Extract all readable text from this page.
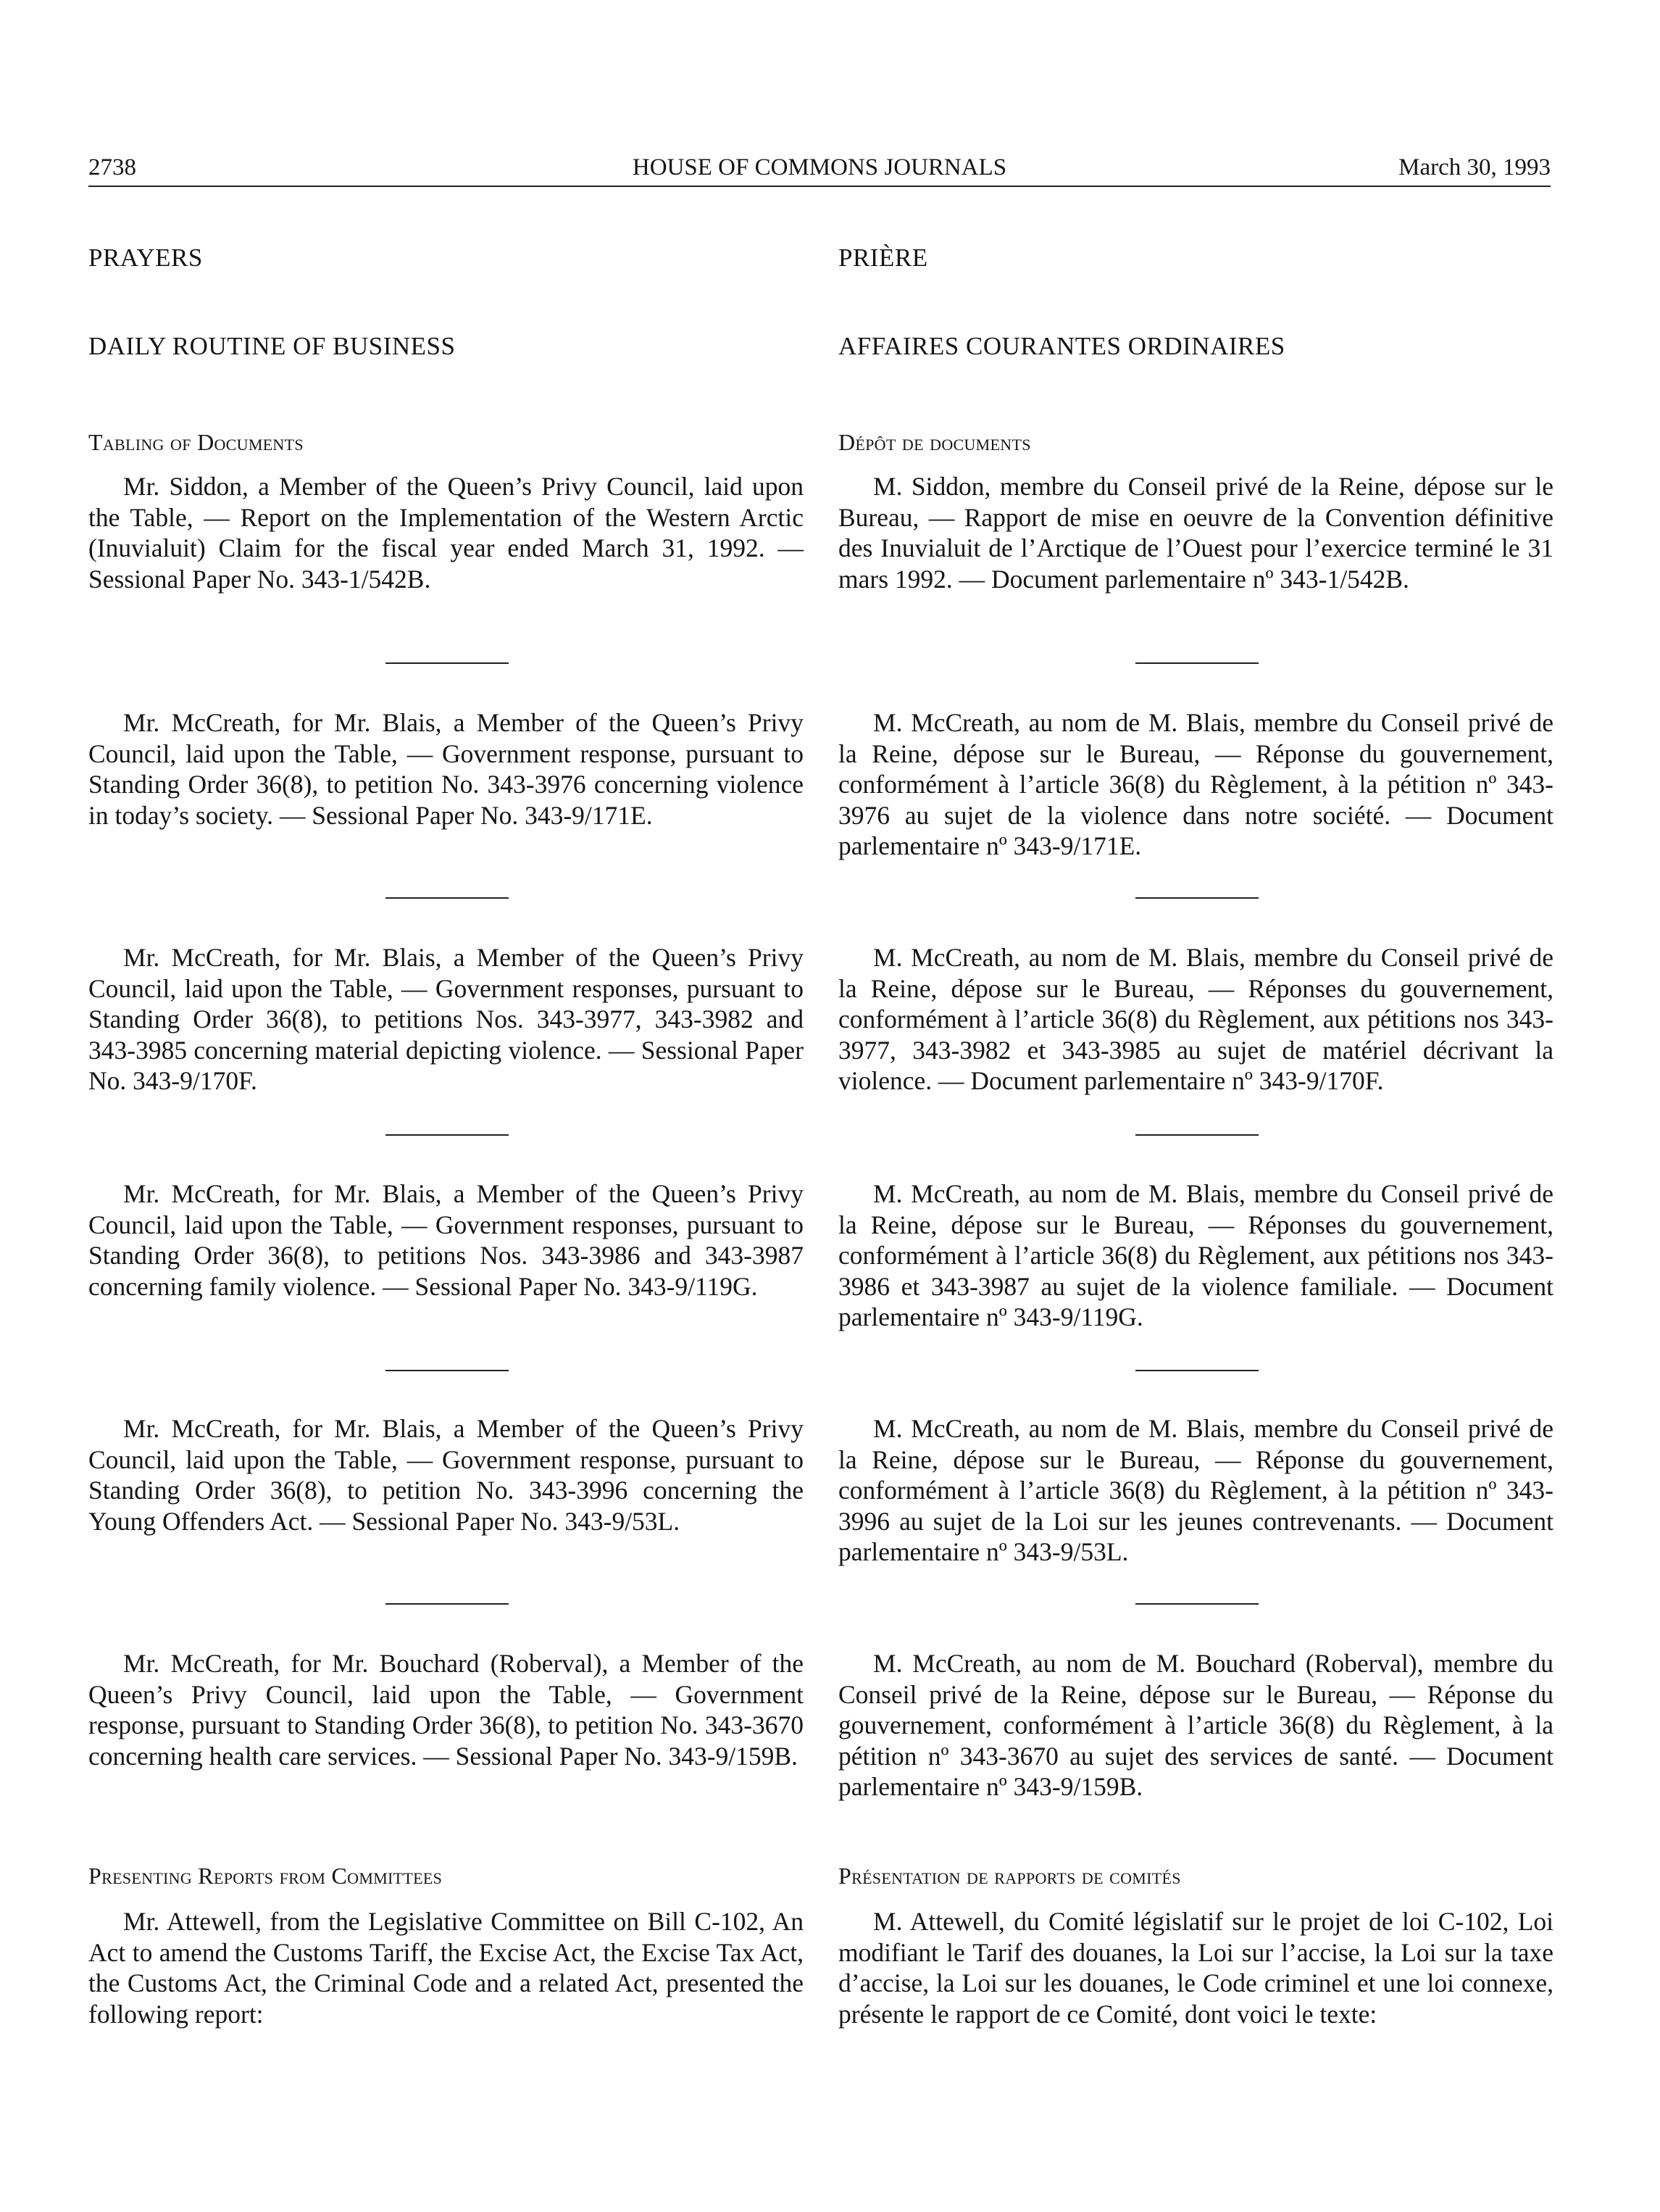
2738	HOUSE OF COMMONS JOURNALS	March 30, 1993
PRAYERS
DAILY ROUTINE OF BUSINESS
Tabling of Documents
Mr. Siddon, a Member of the Queen’s Privy Council, laid upon the Table, — Report on the Implementation of the Western Arctic (Inuvialuit) Claim for the fiscal year ended March 31, 1992. — Sessional Paper No. 343-1/542B.
Mr. McCreath, for Mr. Blais, a Member of the Queen’s Privy Council, laid upon the Table, — Government response, pursuant to Standing Order 36(8), to petition No. 343-3976 concerning violence in today’s society. — Sessional Paper No. 343-9/171E.
Mr. McCreath, for Mr. Blais, a Member of the Queen’s Privy Council, laid upon the Table, — Government responses, pursuant to Standing Order 36(8), to petitions Nos. 343-3977, 343-3982 and 343-3985 concerning material depicting violence. — Sessional Paper No. 343-9/170F.
Mr. McCreath, for Mr. Blais, a Member of the Queen’s Privy Council, laid upon the Table, — Government responses, pursuant to Standing Order 36(8), to petitions Nos. 343-3986 and 343-3987 concerning family violence. — Sessional Paper No. 343-9/119G.
Mr. McCreath, for Mr. Blais, a Member of the Queen’s Privy Council, laid upon the Table, — Government response, pursuant to Standing Order 36(8), to petition No. 343-3996 concerning the Young Offenders Act. — Sessional Paper No. 343-9/53L.
Mr. McCreath, for Mr. Bouchard (Roberval), a Member of the Queen’s Privy Council, laid upon the Table, — Government response, pursuant to Standing Order 36(8), to petition No. 343-3670 concerning health care services. — Sessional Paper No. 343-9/159B.
Presenting Reports from Committees
Mr. Attewell, from the Legislative Committee on Bill C-102, An Act to amend the Customs Tariff, the Excise Act, the Excise Tax Act, the Customs Act, the Criminal Code and a related Act, presented the following report:
PRIÈRE
AFFAIRES COURANTES ORDINAIRES
Dépôt de documents
M. Siddon, membre du Conseil privé de la Reine, dépose sur le Bureau, — Rapport de mise en oeuvre de la Convention définitive des Inuvialuit de l’Arctique de l’Ouest pour l’exercice terminé le 31 mars 1992. — Document parlementaire nº 343-1/542B.
M. McCreath, au nom de M. Blais, membre du Conseil privé de la Reine, dépose sur le Bureau, — Réponse du gouvernement, conformément à l’article 36(8) du Règlement, à la pétition nº 343-3976 au sujet de la violence dans notre société. — Document parlementaire nº 343-9/171E.
M. McCreath, au nom de M. Blais, membre du Conseil privé de la Reine, dépose sur le Bureau, — Réponses du gouvernement, conformément à l’article 36(8) du Règlement, aux pétitions nos 343-3977, 343-3982 et 343-3985 au sujet de matériel décrivant la violence. — Document parlementaire nº 343-9/170F.
M. McCreath, au nom de M. Blais, membre du Conseil privé de la Reine, dépose sur le Bureau, — Réponses du gouvernement, conformément à l’article 36(8) du Règlement, aux pétitions nos 343-3986 et 343-3987 au sujet de la violence familiale. — Document parlementaire nº 343-9/119G.
M. McCreath, au nom de M. Blais, membre du Conseil privé de la Reine, dépose sur le Bureau, — Réponse du gouvernement, conformément à l’article 36(8) du Règlement, à la pétition nº 343-3996 au sujet de la Loi sur les jeunes contrevenants. — Document parlementaire nº 343-9/53L.
M. McCreath, au nom de M. Bouchard (Roberval), membre du Conseil privé de la Reine, dépose sur le Bureau, — Réponse du gouvernement, conformément à l’article 36(8) du Règlement, à la pétition nº 343-3670 au sujet des services de santé. — Document parlementaire nº 343-9/159B.
Présentation de rapports de comités
M. Attewell, du Comité législatif sur le projet de loi C-102, Loi modifiant le Tarif des douanes, la Loi sur l’accise, la Loi sur la taxe d’accise, la Loi sur les douanes, le Code criminel et une loi connexe, présente le rapport de ce Comité, dont voici le texte:
